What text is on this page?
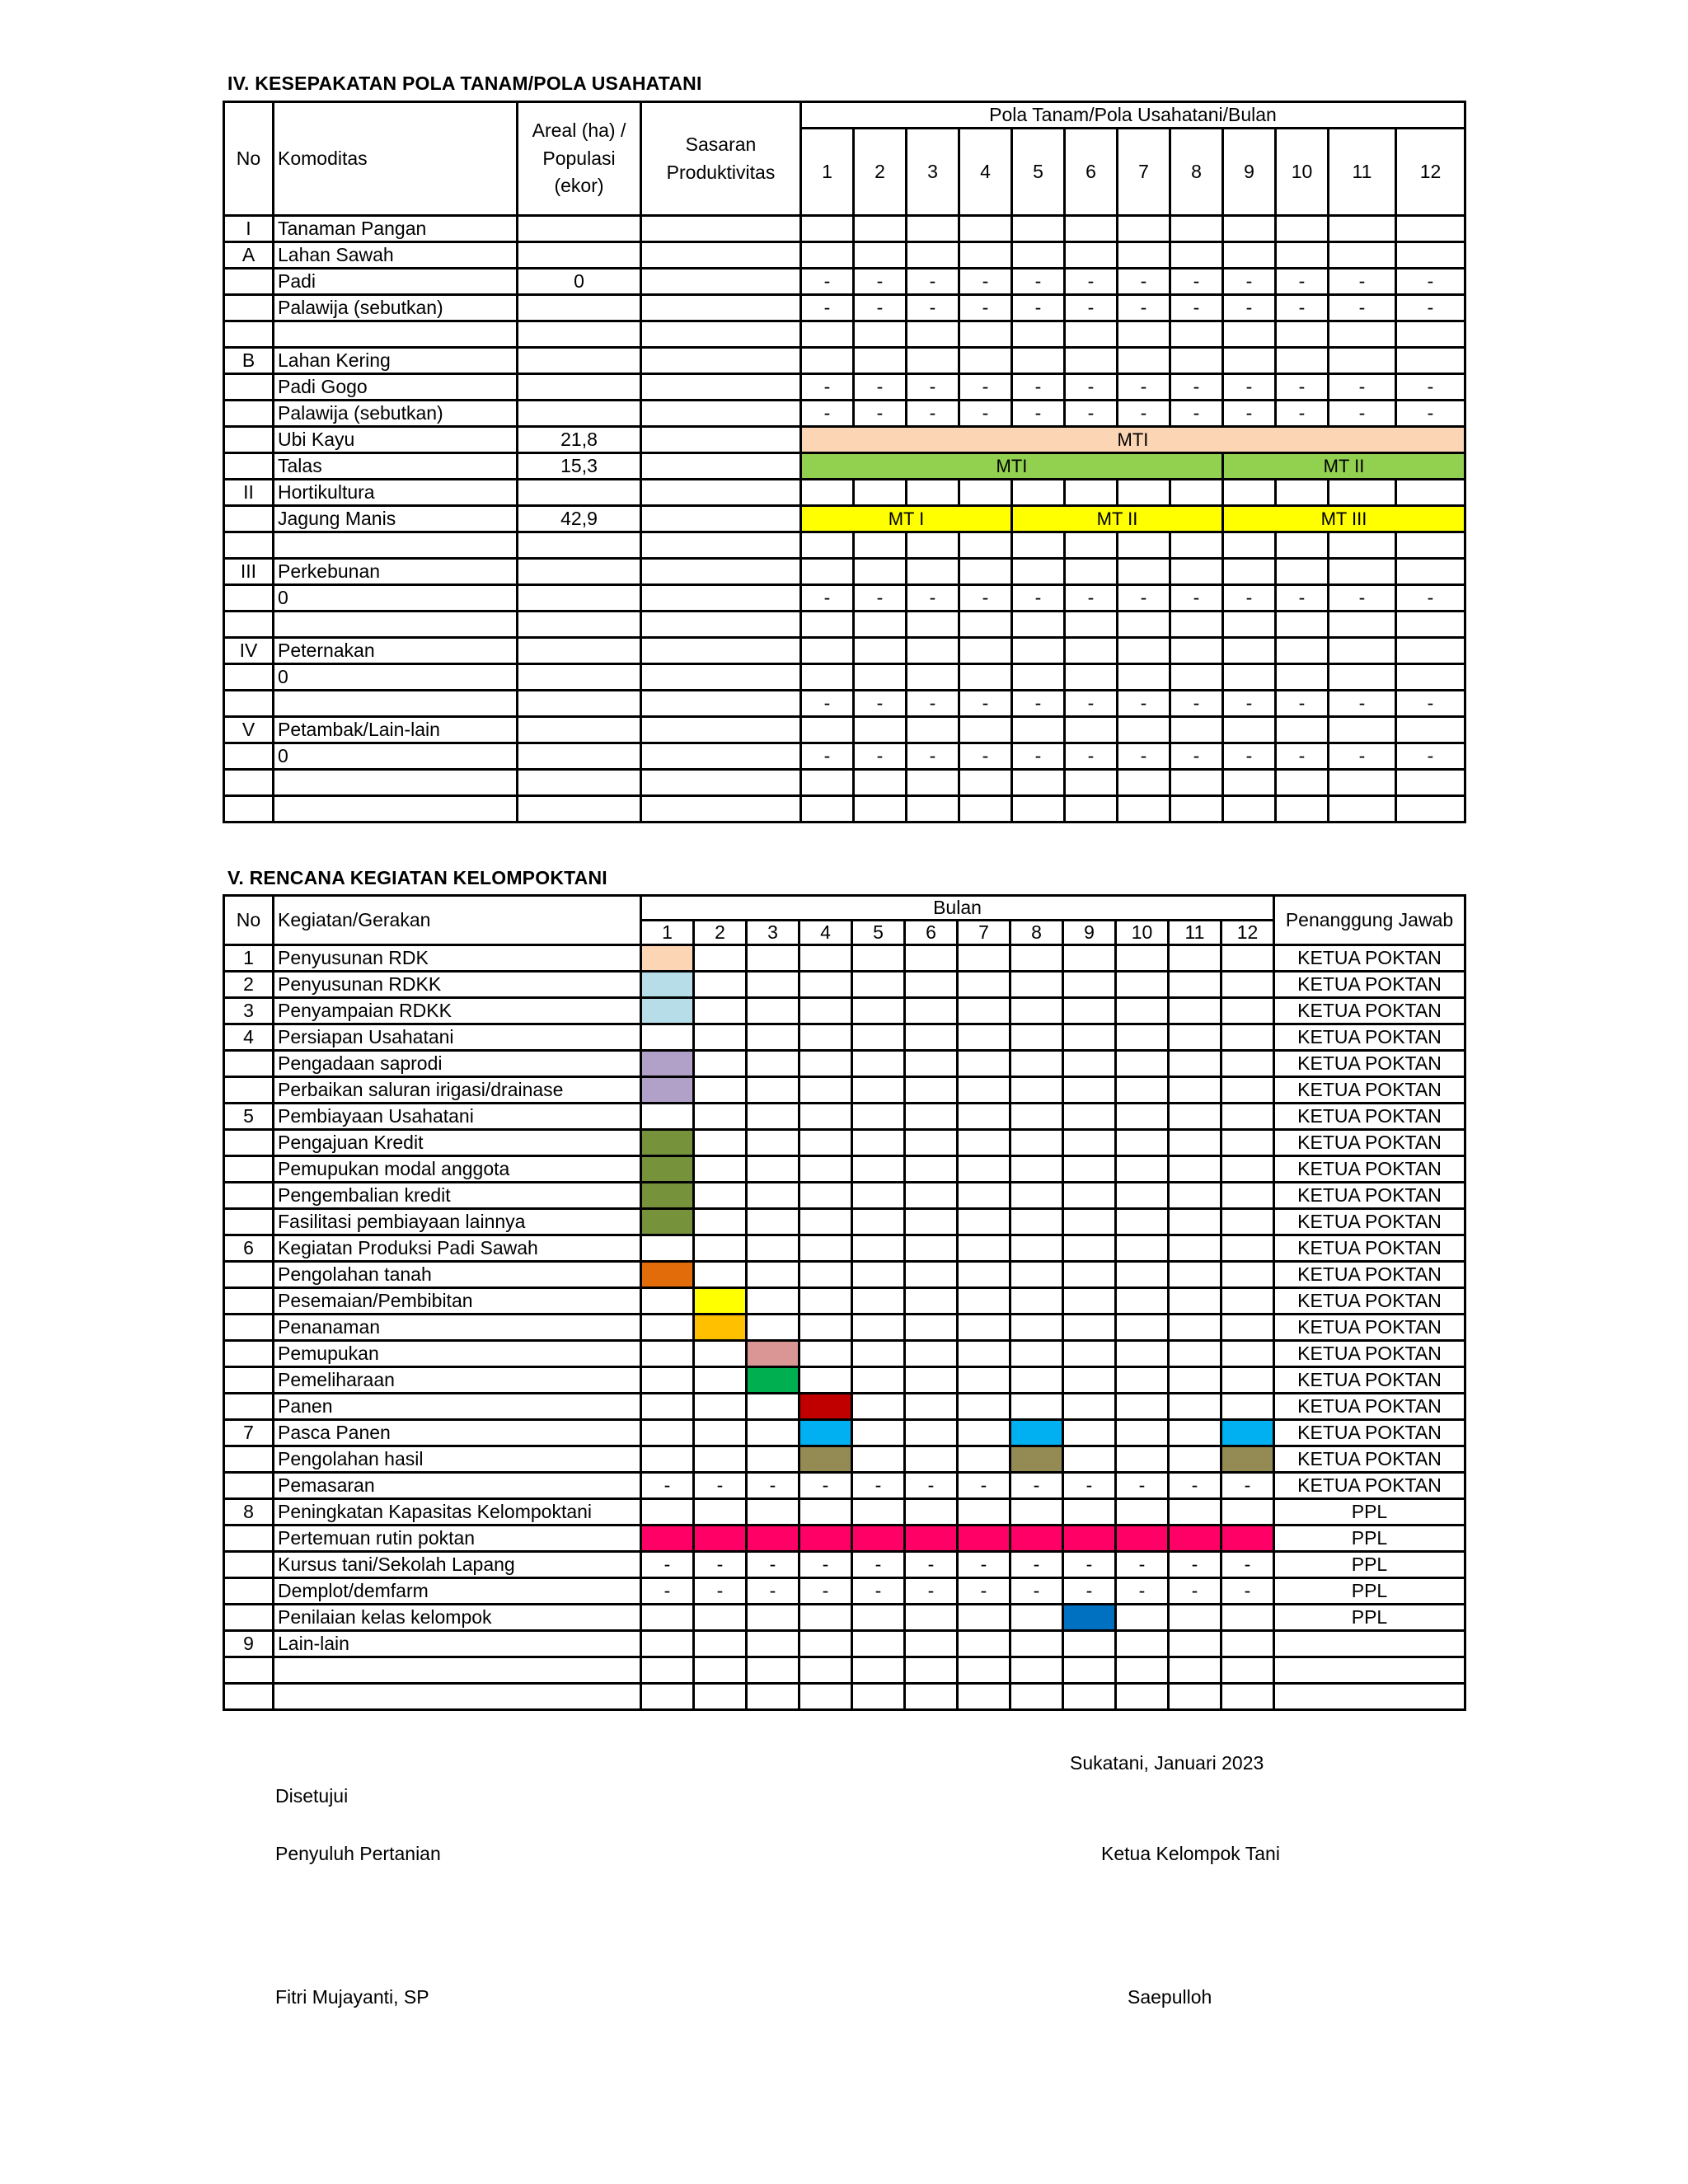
IV. KESEPAKATAN POLA TANAM/POLA USAHATANI
No	Komoditas	Areal (ha) /
Populasi
(ekor)	Sasaran
Produktivitas	Pola Tanam/Pola Usahatani/Bulan											
				1	2	3	4	5	6	7	8	9	10	11	12
I	Tanaman Pangan														
A	Lahan Sawah														
	Padi	0		-	-	-	-	-	-	-	-	-	-	-	-
	Palawija (sebutkan)			-	-	-	-	-	-	-	-	-	-	-	-

B	Lahan Kering														
	Padi Gogo			-	-	-	-	-	-	-	-	-	-	-	-
	Palawija (sebutkan)			-	-	-	-	-	-	-	-	-	-	-	-
	Ubi Kayu	21,8		MTI											
	Talas	15,3		MTI								MT II			
II	Hortikultura														
	Jagung Manis	42,9		MT I				MT II				MT III			

III	Perkebunan														
	0			-	-	-	-	-	-	-	-	-	-	-	-

IV	Peternakan														
	0														
				-	-	-	-	-	-	-	-	-	-	-	-
V	Petambak/Lain-lain														
	0			-	-	-	-	-	-	-	-	-	-	-	-

V. RENCANA KEGIATAN KELOMPOKTANI
No	Kegiatan/Gerakan	Bulan												Penanggung Jawab
		1	2	3	4	5	6	7	8	9	10	11	12	
1	Penyusunan RDK													KETUA POKTAN
2	Penyusunan RDKK													KETUA POKTAN
3	Penyampaian RDKK													KETUA POKTAN
4	Persiapan Usahatani													KETUA POKTAN
	Pengadaan saprodi													KETUA POKTAN
	Perbaikan saluran irigasi/drainase													KETUA POKTAN
5	Pembiayaan Usahatani													KETUA POKTAN
	Pengajuan Kredit													KETUA POKTAN
	Pemupukan modal anggota													KETUA POKTAN
	Pengembalian kredit													KETUA POKTAN
	Fasilitasi pembiayaan lainnya													KETUA POKTAN
6	Kegiatan Produksi Padi Sawah													KETUA POKTAN
	Pengolahan tanah													KETUA POKTAN
	Pesemaian/Pembibitan													KETUA POKTAN
	Penanaman													KETUA POKTAN
	Pemupukan													KETUA POKTAN
	Pemeliharaan													KETUA POKTAN
	Panen													KETUA POKTAN
7	Pasca Panen													KETUA POKTAN
	Pengolahan hasil													KETUA POKTAN
	Pemasaran	-	-	-	-	-	-	-	-	-	-	-	-	KETUA POKTAN
8	Peningkatan Kapasitas Kelompoktani													PPL
	Pertemuan rutin poktan													PPL
	Kursus tani/Sekolah Lapang	-	-	-	-	-	-	-	-	-	-	-	-	PPL
	Demplot/demfarm	-	-	-	-	-	-	-	-	-	-	-	-	PPL
	Penilaian kelas kelompok													PPL
9	Lain-lain													

Sukatani, Januari 2023
Disetujui
Penyuluh Pertanian	Ketua Kelompok Tani
Fitri Mujayanti, SP	Saepulloh
